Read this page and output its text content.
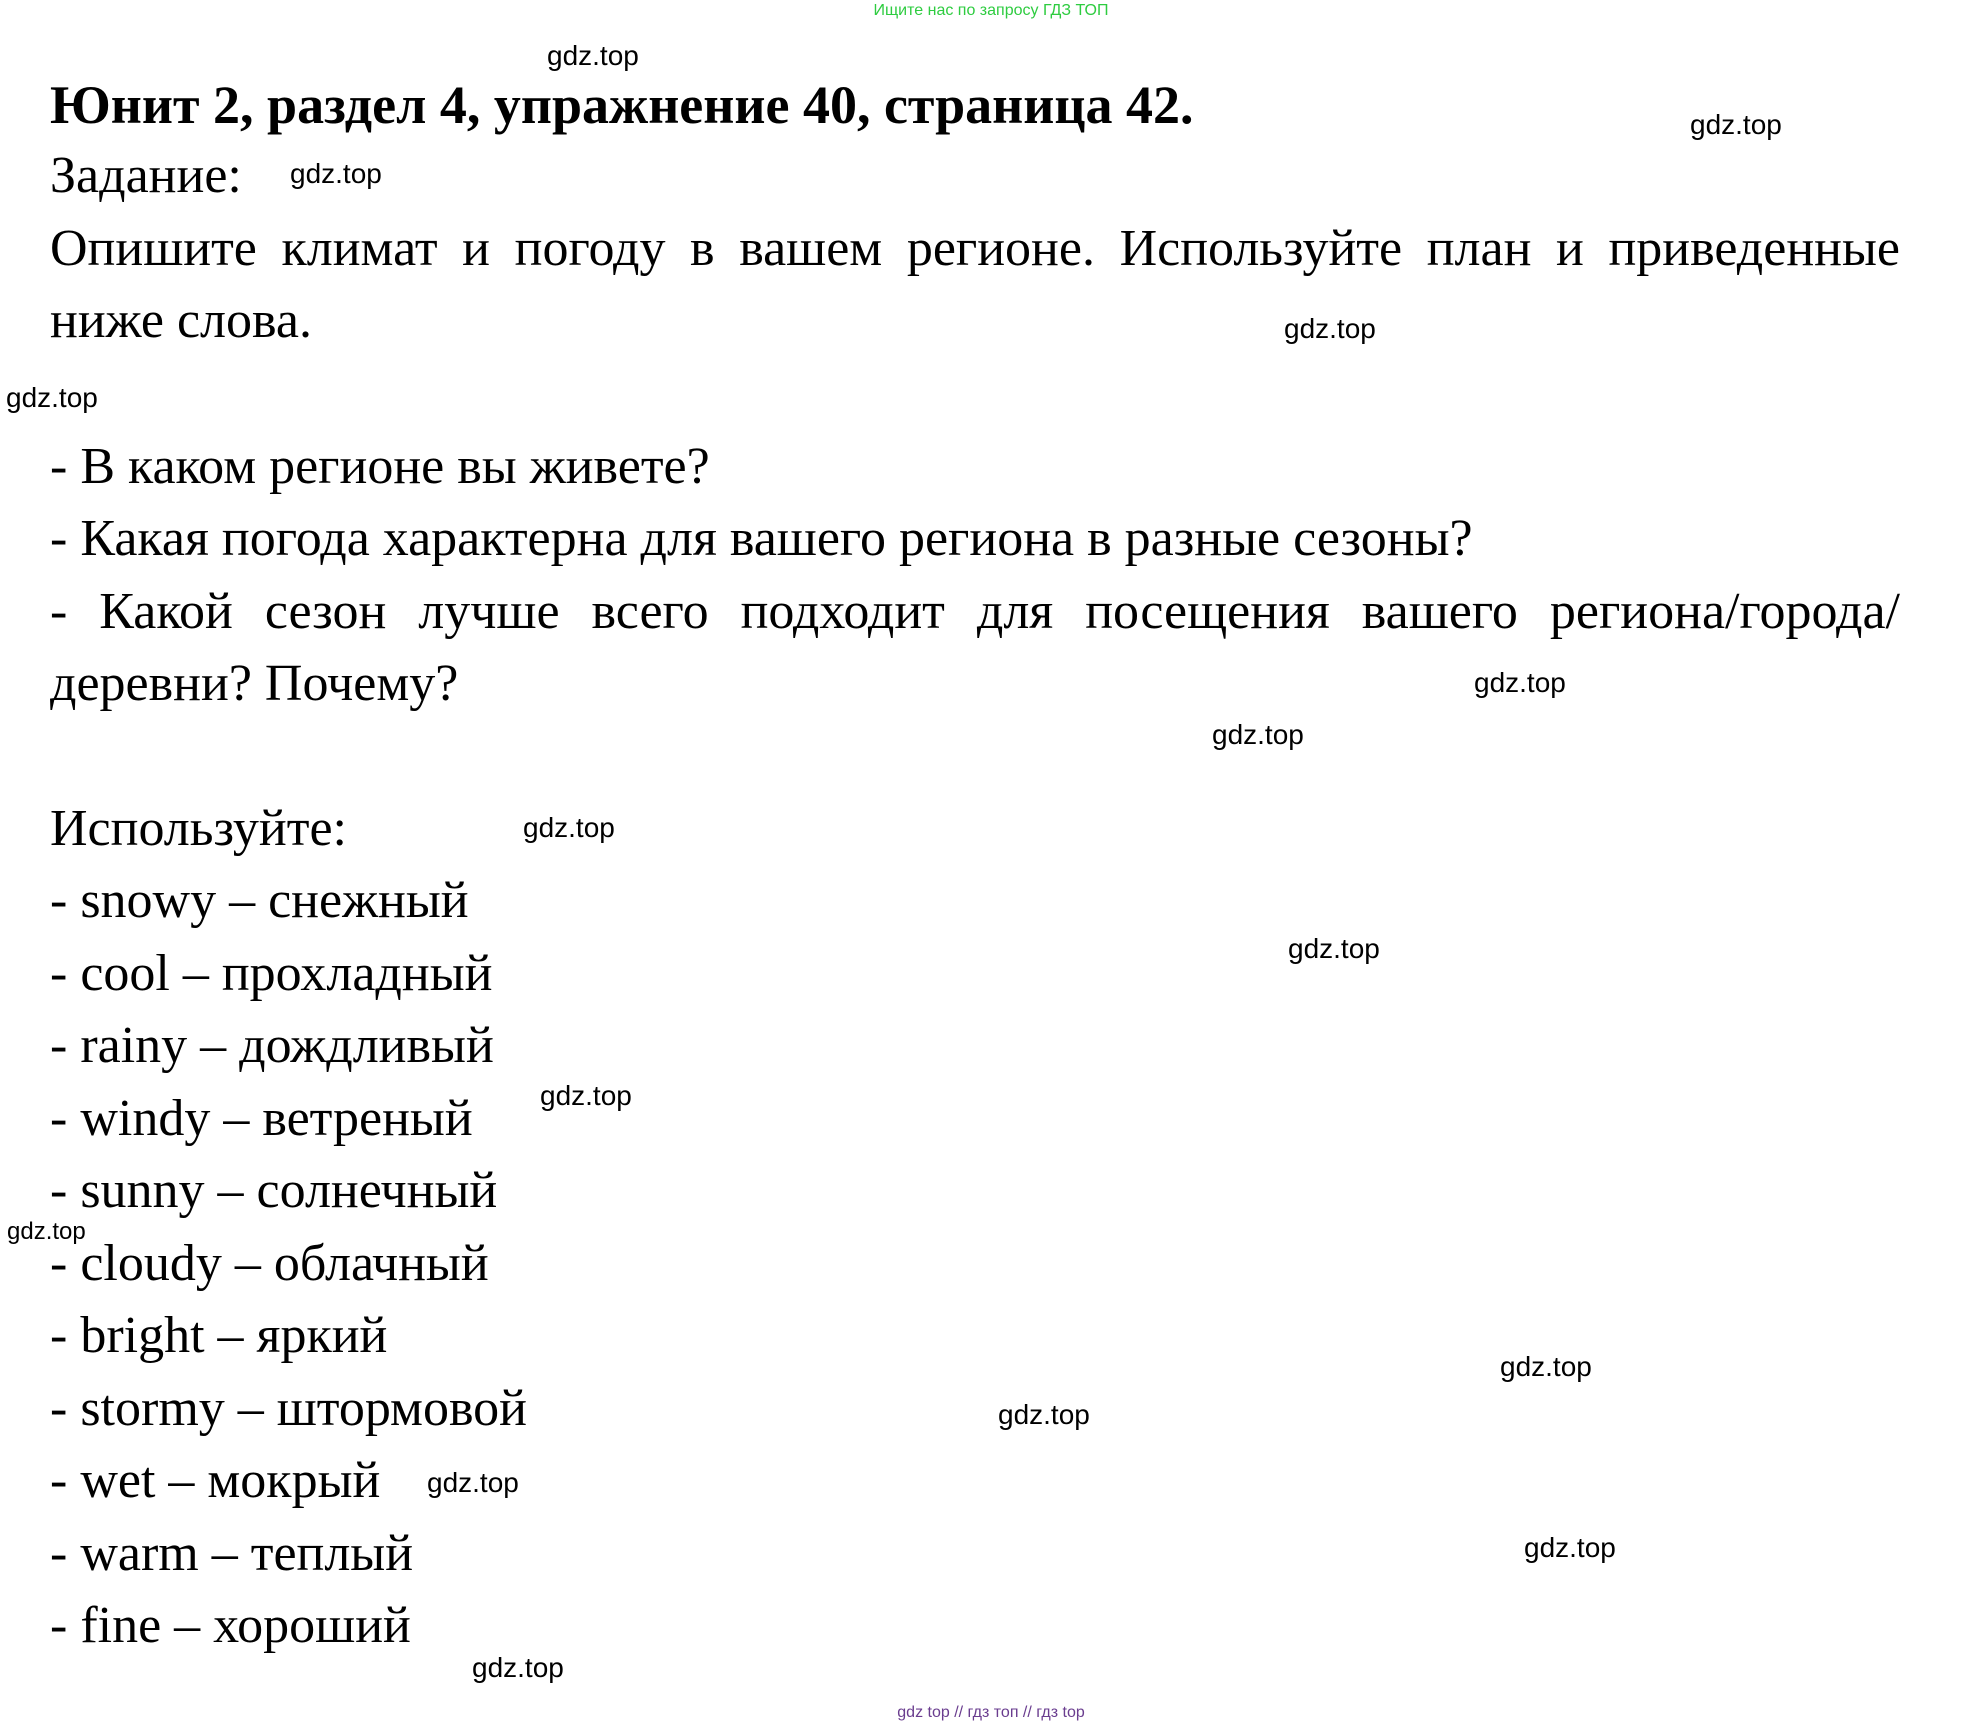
Ищите нас по запросу ГДЗ ТОП
Юнит 2, раздел 4, упражнение 40, страница 42.

Задание:

Опишите климат и погоду в вашем регионе. Используйте план и приведенные ниже слова.

- В каком регионе вы живете?

- Какая погода характерна для вашего региона в разные сезоны?

- Какой сезон лучше всего подходит для посещения вашего региона/города/деревни? Почему?

Используйте:

- snowy – снежный

- cool – прохладный

- rainy – дождливый

- windy – ветреный

- sunny – солнечный

- cloudy – облачный

- bright – яркий

- stormy – штормовой

- wet – мокрый

- warm – теплый

- fine – хороший

gdz.top
gdz.top
gdz.top
gdz.top
gdz.top
gdz.top
gdz.top
gdz.top
gdz.top
gdz.top
gdz.top
gdz.top
gdz.top
gdz.top
gdz.top
gdz.top
gdz top // гдз топ // гдз top
